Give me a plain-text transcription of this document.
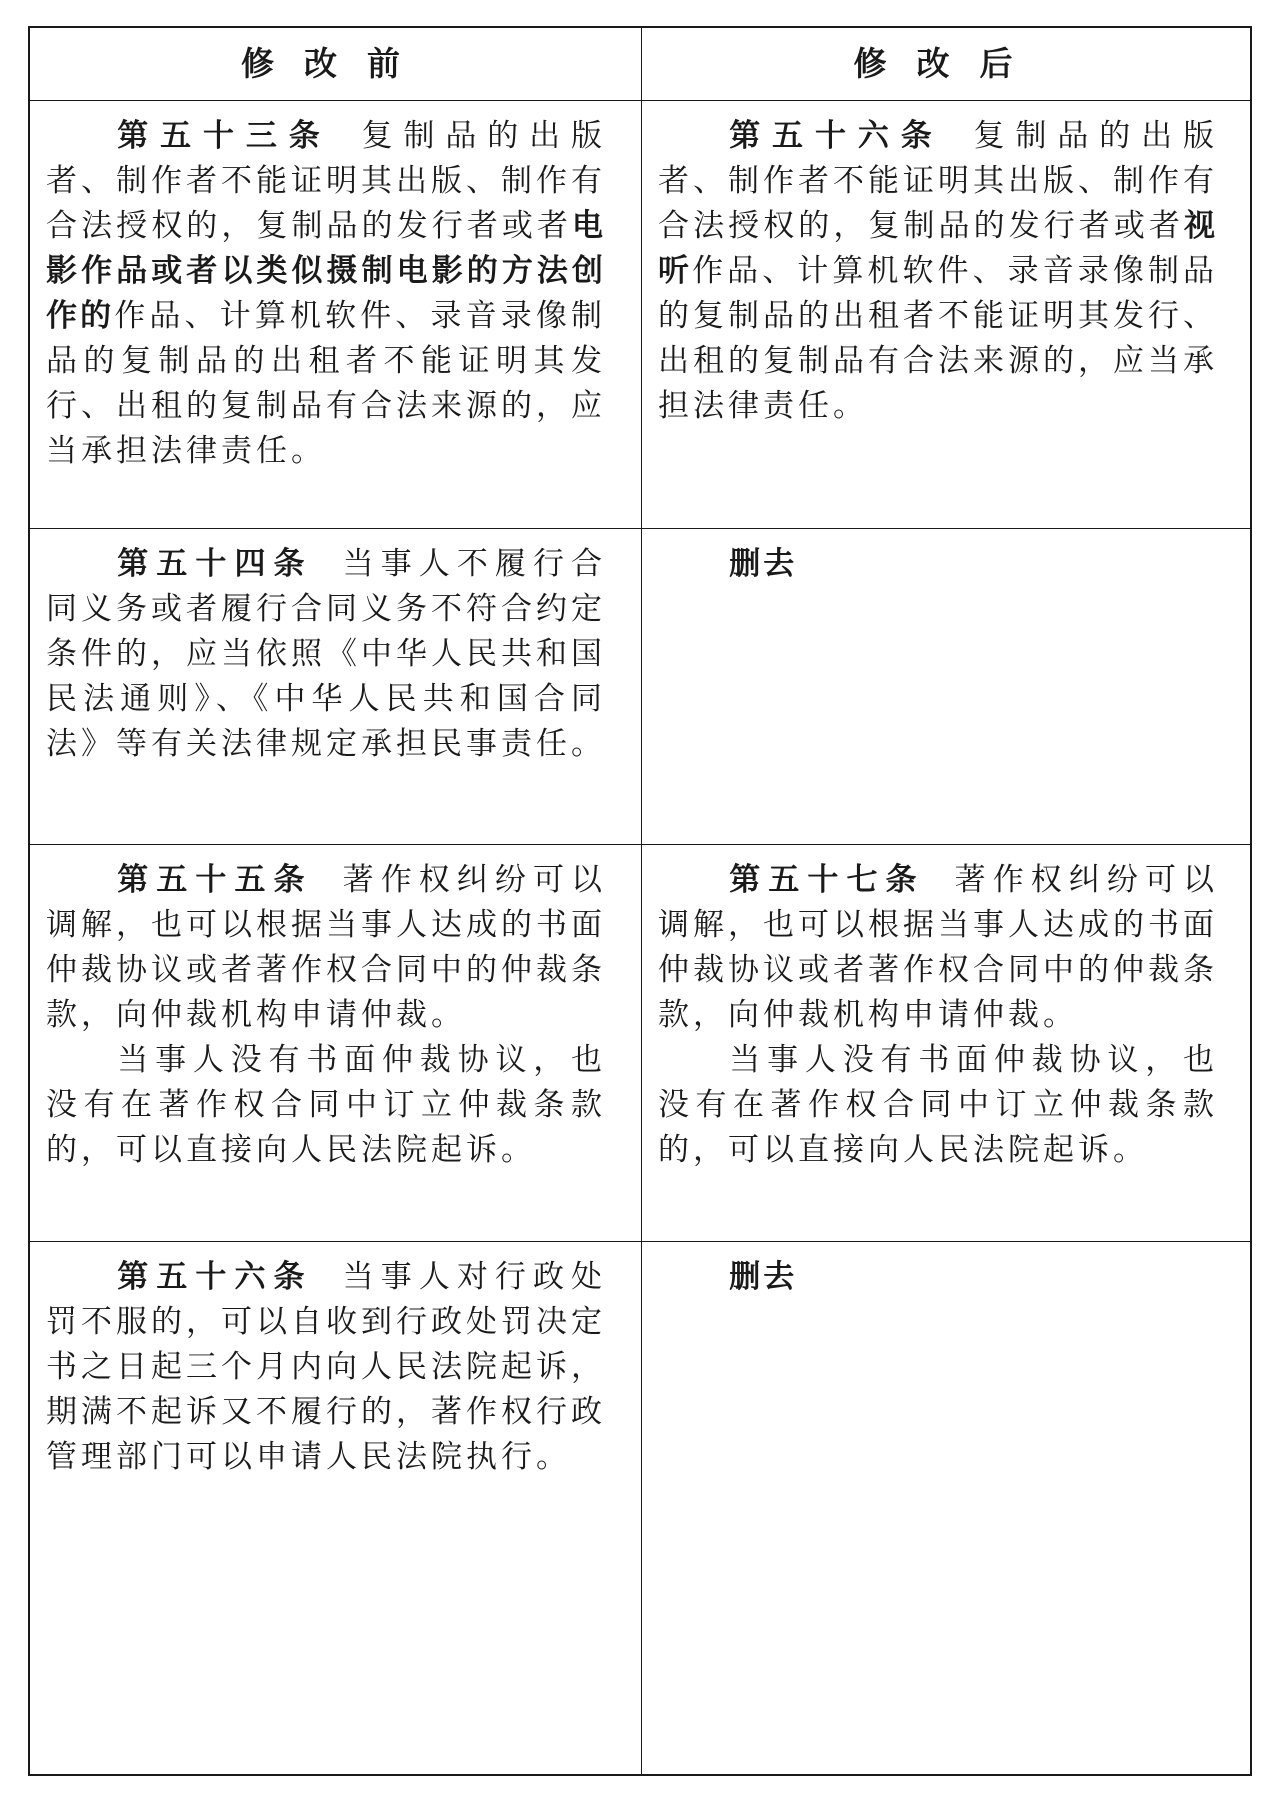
修改前	修改后

第五十三条 复制品的出版者、制作者不能证明其出版、制作有合法授权的，复制品的发行者或者电影作品或者以类似摄制电影的方法创作的作品、计算机软件、录音录像制品的复制品的出租者不能证明其发行、出租的复制品有合法来源的，应当承担法律责任。

第五十六条 复制品的出版者、制作者不能证明其出版、制作有合法授权的，复制品的发行者或者视听作品、计算机软件、录音录像制品的复制品的出租者不能证明其发行、出租的复制品有合法来源的，应当承担法律责任。

第五十四条 当事人不履行合同义务或者履行合同义务不符合约定条件的，应当依照《中华人民共和国民法通则》、《中华人民共和国合同法》等有关法律规定承担民事责任。

删去

第五十五条 著作权纠纷可以调解，也可以根据当事人达成的书面仲裁协议或者著作权合同中的仲裁条款，向仲裁机构申请仲裁。

当事人没有书面仲裁协议，也没有在著作权合同中订立仲裁条款的，可以直接向人民法院起诉。

第五十七条 著作权纠纷可以调解，也可以根据当事人达成的书面仲裁协议或者著作权合同中的仲裁条款，向仲裁机构申请仲裁。

当事人没有书面仲裁协议，也没有在著作权合同中订立仲裁条款的，可以直接向人民法院起诉。

第五十六条 当事人对行政处罚不服的，可以自收到行政处罚决定书之日起三个月内向人民法院起诉，期满不起诉又不履行的，著作权行政管理部门可以申请人民法院执行。

删去
